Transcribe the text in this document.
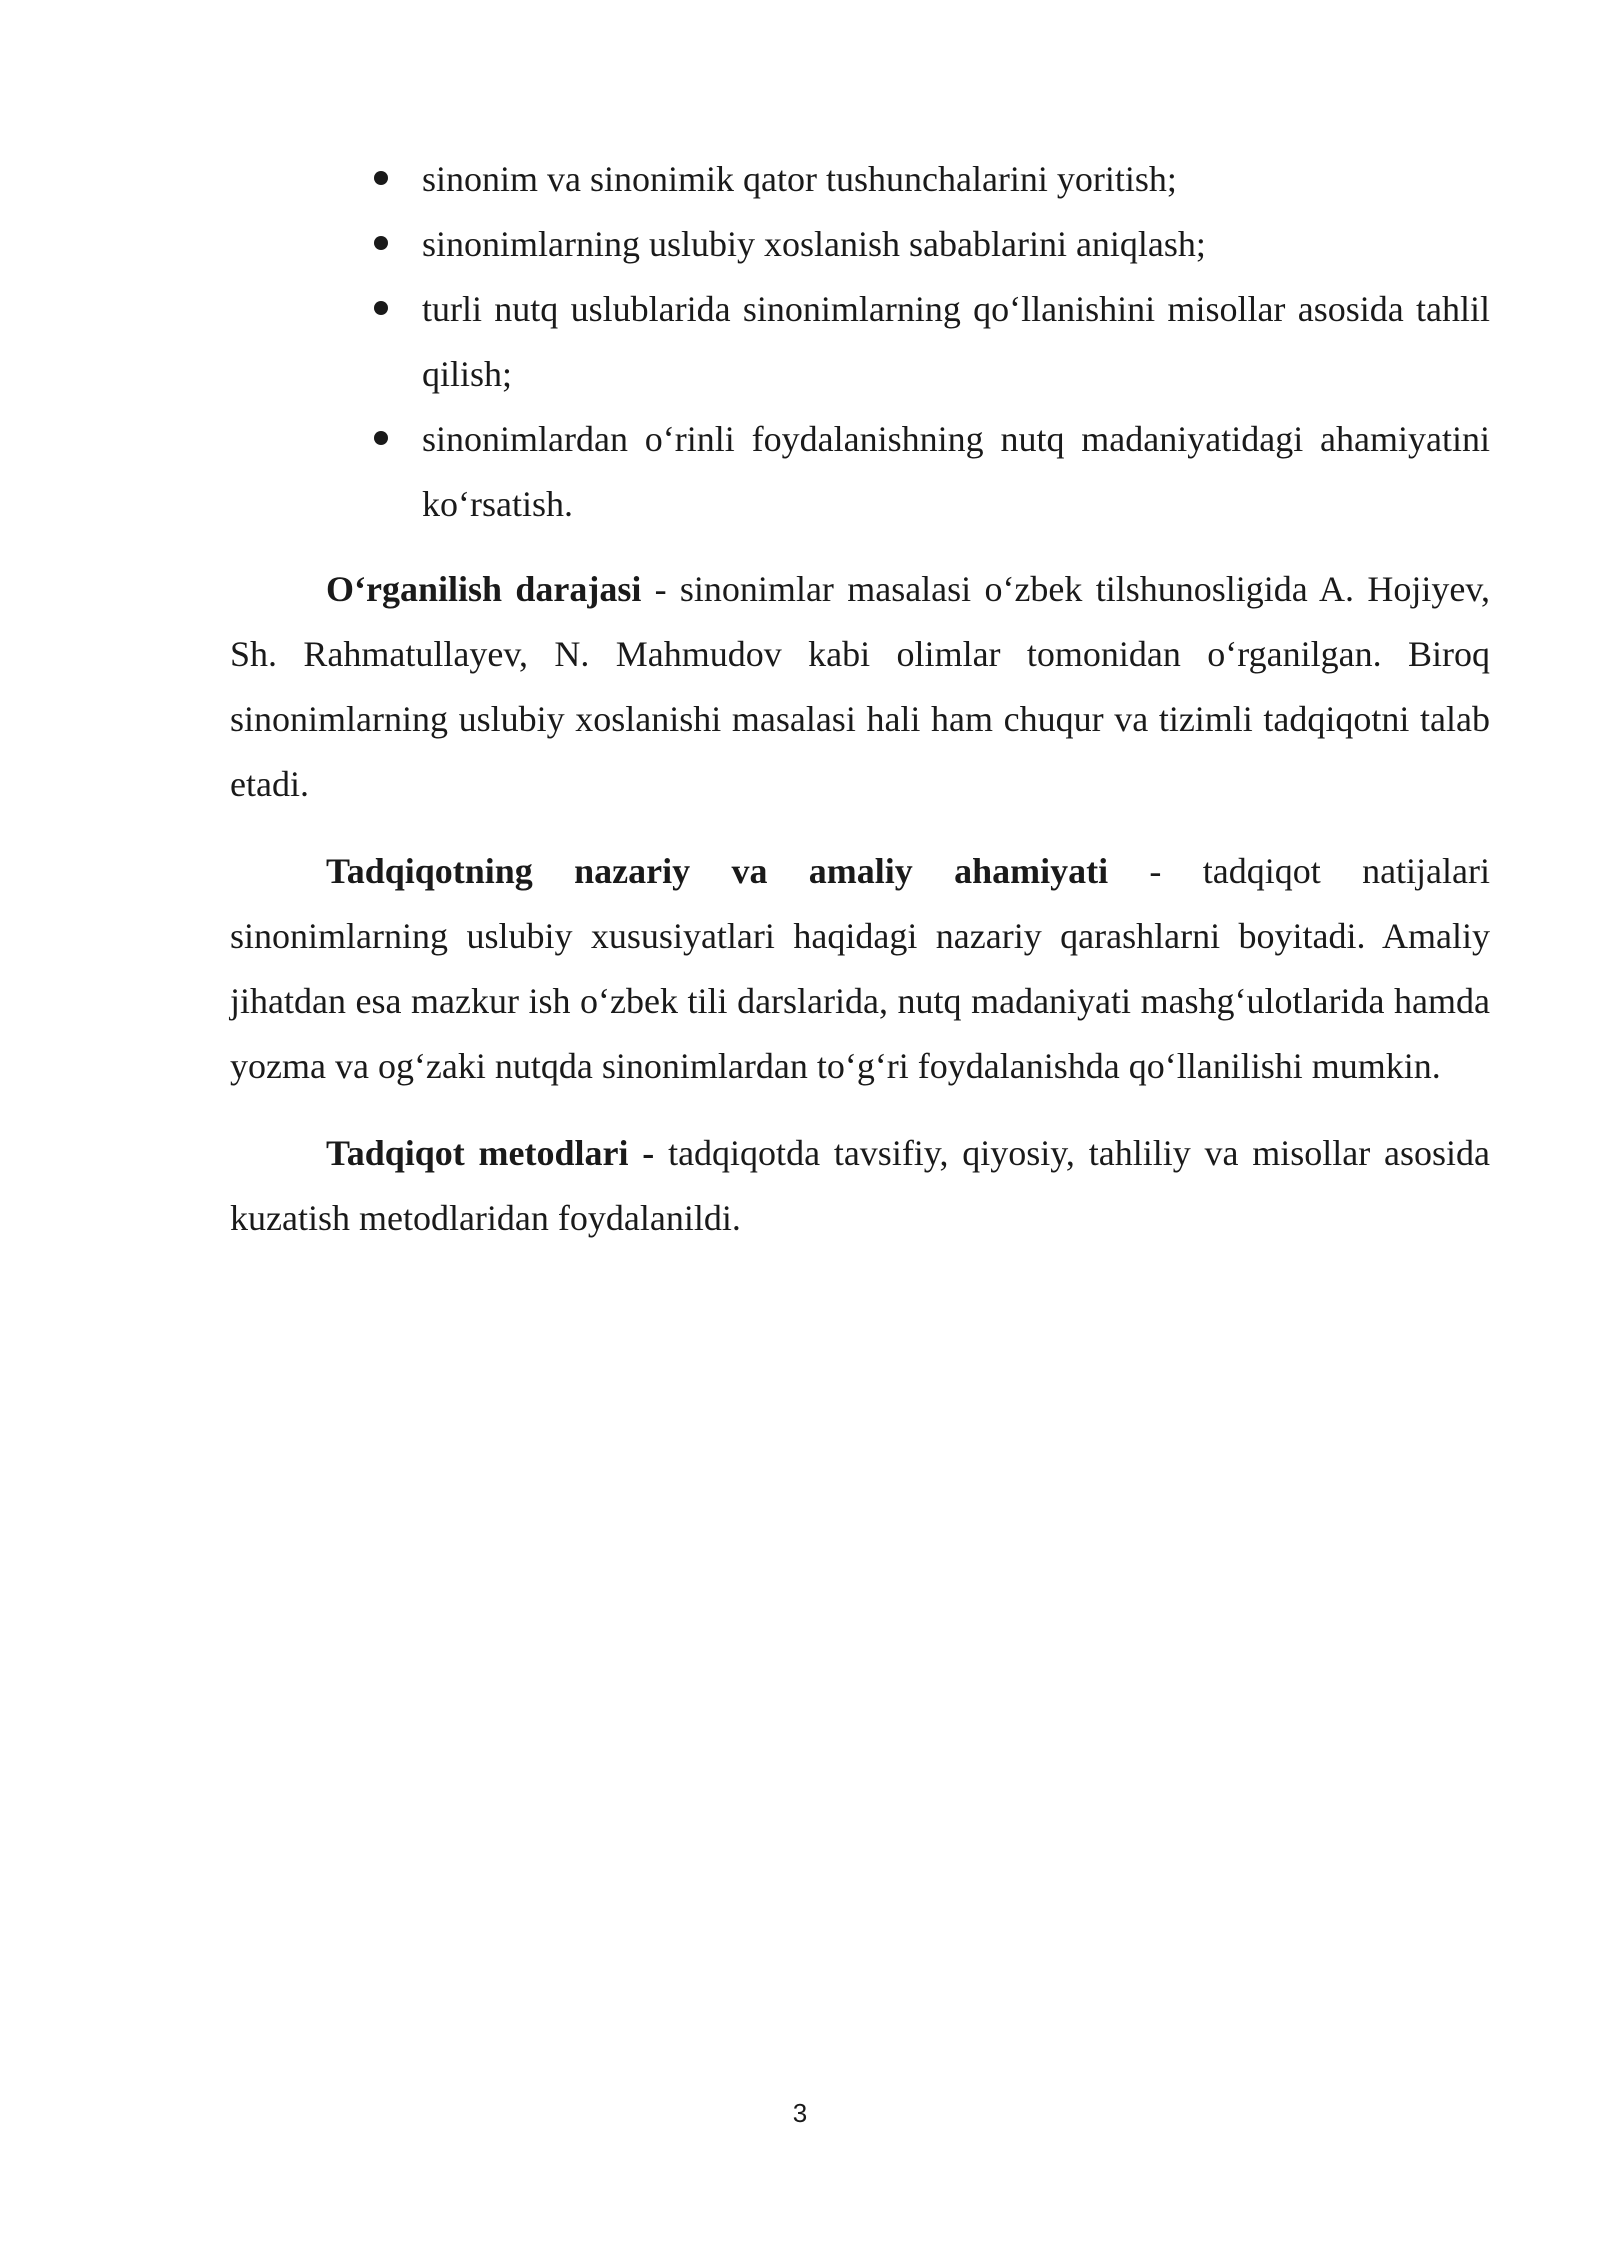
sinonim va sinonimik qator tushunchalarini yoritish;
sinonimlarning uslubiy xoslanish sabablarini aniqlash;
turli nutq uslublarida sinonimlarning qo‘llanishini misollar asosida tahlil qilish;
sinonimlardan o‘rinli foydalanishning nutq madaniyatidagi ahamiyatini ko‘rsatish.

O‘rganilish darajasi - sinonimlar masalasi o‘zbek tilshunosligida A. Hojiyev, Sh. Rahmatullayev, N. Mahmudov kabi olimlar tomonidan o‘rganilgan. Biroq sinonimlarning uslubiy xoslanishi masalasi hali ham chuqur va tizimli tadqiqotni talab etadi.

Tadqiqotning nazariy va amaliy ahamiyati - tadqiqot natijalari sinonimlarning uslubiy xususiyatlari haqidagi nazariy qarashlarni boyitadi. Amaliy jihatdan esa mazkur ish o‘zbek tili darslarida, nutq madaniyati mashg‘ulotlarida hamda yozma va og‘zaki nutqda sinonimlardan to‘g‘ri foydalanishda qo‘llanilishi mumkin.

Tadqiqot metodlari - tadqiqotda tavsifiy, qiyosiy, tahliliy va misollar asosida kuzatish metodlaridan foydalanildi.

3
